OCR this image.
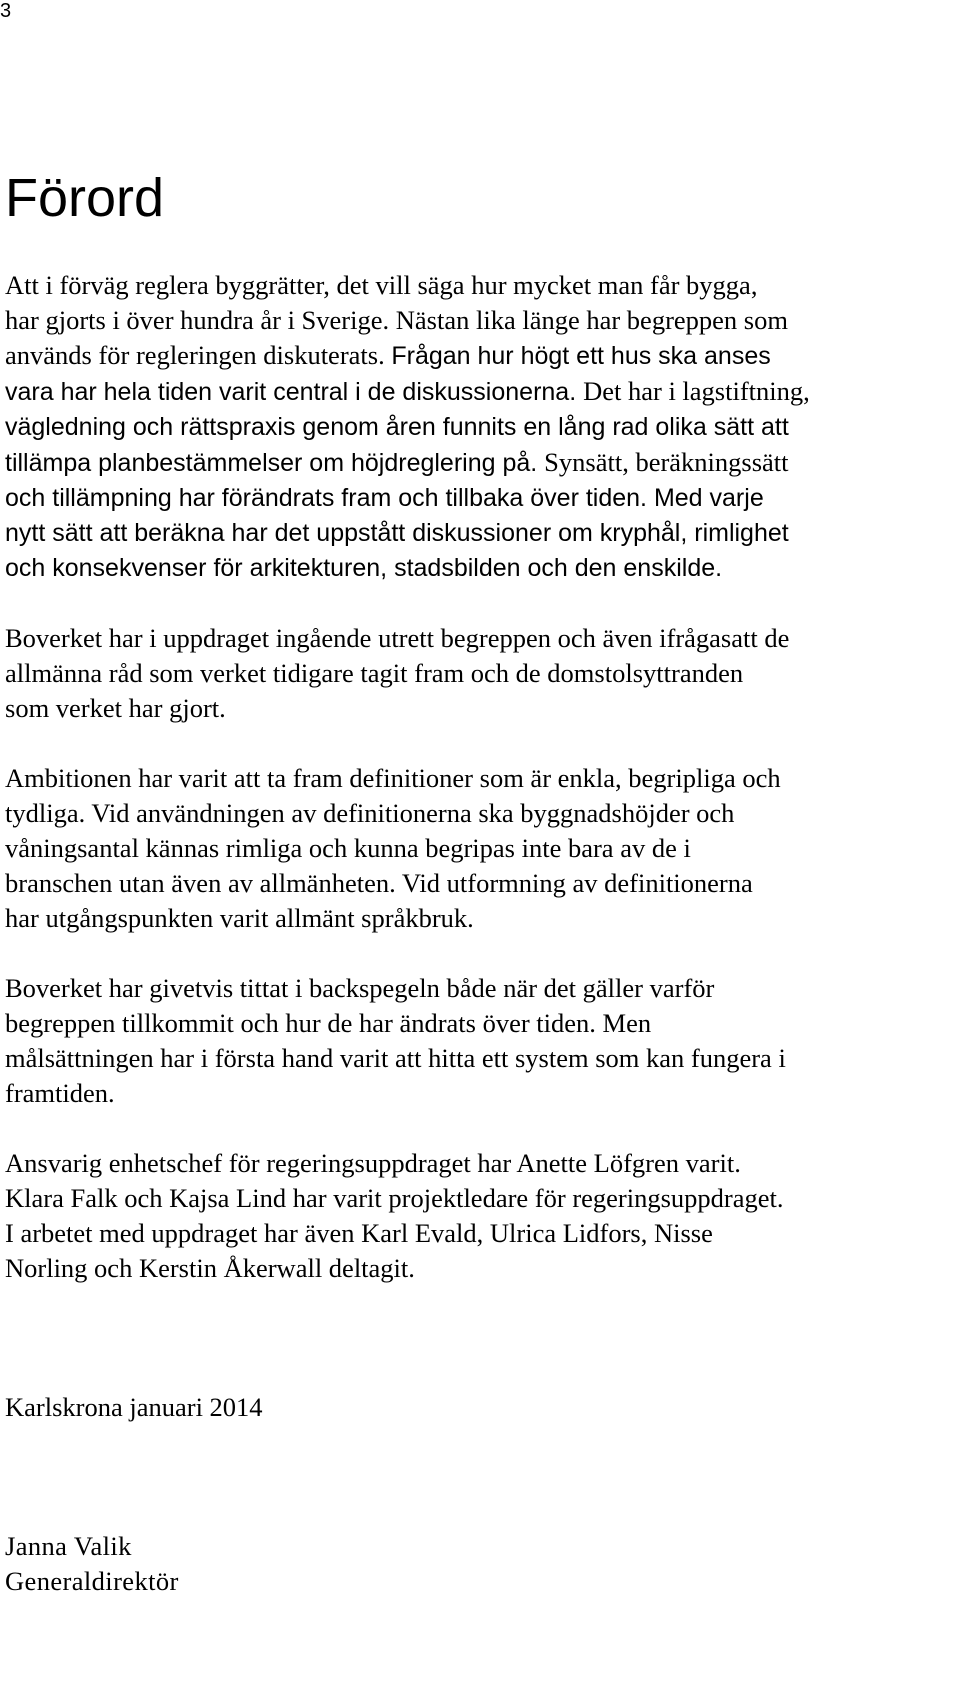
3
Förord

Att i förväg reglera byggrätter, det vill säga hur mycket man får bygga,
har gjorts i över hundra år i Sverige. Nästan lika länge har begreppen som
används för regleringen diskuterats. Frågan hur högt ett hus ska anses
vara har hela tiden varit central i de diskussionerna. Det har i lagstiftning,
vägledning och rättspraxis genom åren funnits en lång rad olika sätt att
tillämpa planbestämmelser om höjdreglering på. Synsätt, beräkningssätt
och tillämpning har förändrats fram och tillbaka över tiden. Med varje
nytt sätt att beräkna har det uppstått diskussioner om kryphål, rimlighet
och konsekvenser för arkitekturen, stadsbilden och den enskilde.

Boverket har i uppdraget ingående utrett begreppen och även ifrågasatt de
allmänna råd som verket tidigare tagit fram och de domstolsyttranden
som verket har gjort.

Ambitionen har varit att ta fram definitioner som är enkla, begripliga och
tydliga. Vid användningen av definitionerna ska byggnadshöjder och
våningsantal kännas rimliga och kunna begripas inte bara av de i
branschen utan även av allmänheten. Vid utformning av definitionerna
har utgångspunkten varit allmänt språkbruk.

Boverket har givetvis tittat i backspegeln både när det gäller varför
begreppen tillkommit och hur de har ändrats över tiden. Men
målsättningen har i första hand varit att hitta ett system som kan fungera i
framtiden.

Ansvarig enhetschef för regeringsuppdraget har Anette Löfgren varit.
Klara Falk och Kajsa Lind har varit projektledare för regeringsuppdraget.
I arbetet med uppdraget har även Karl Evald, Ulrica Lidfors, Nisse
Norling och Kerstin Åkerwall deltagit.

Karlskrona januari 2014

Janna Valik
Generaldirektör
